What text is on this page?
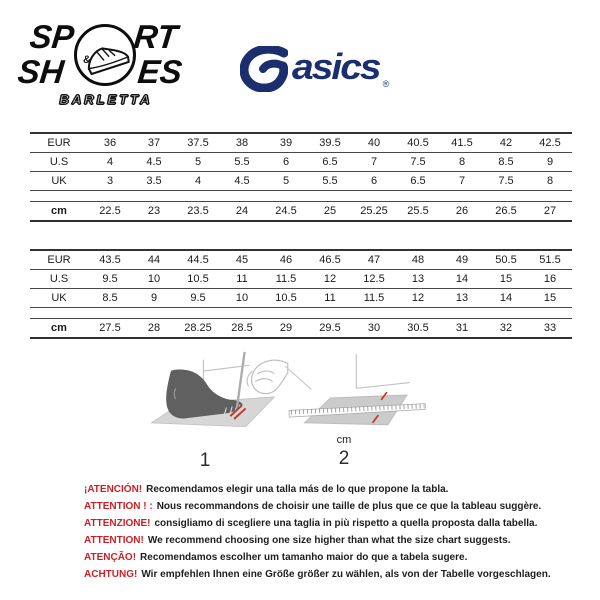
SP RT
SH ES
&
BARLETTA
asics ®
EUR	36	37	37.5	38	39	39.5	40	40.5	41.5	42	42.5
U.S	4	4.5	5	5.5	6	6.5	7	7.5	8	8.5	9
UK	3	3.5	4	4.5	5	5.5	6	6.5	7	7.5	8
cm	22.5	23	23.5	24	24.5	25	25.25	25.5	26	26.5	27
EUR	43.5	44	44.5	45	46	46.5	47	48	49	50.5	51.5
U.S	9.5	10	10.5	11	11.5	12	12.5	13	14	15	16
UK	8.5	9	9.5	10	10.5	11	11.5	12	13	14	15
cm	27.5	28	28.25	28.5	29	29.5	30	30.5	31	32	33
1
cm
2
¡ATENCIÓN! Recomendamos elegir una talla más de lo que propone la tabla.
ATTENTION ! : Nous recommandons de choisir une taille de plus que ce que la tableau suggère.
ATTENZIONE! consigliamo di scegliere una taglia in più rispetto a quella proposta dalla tabella.
ATTENTION! We recommend choosing one size higher than what the size chart suggests.
ATENÇÃO! Recomendamos escolher um tamanho maior do que a tabela sugere.
ACHTUNG! Wir empfehlen Ihnen eine Größe größer zu wählen, als von der Tabelle vorgeschlagen.
